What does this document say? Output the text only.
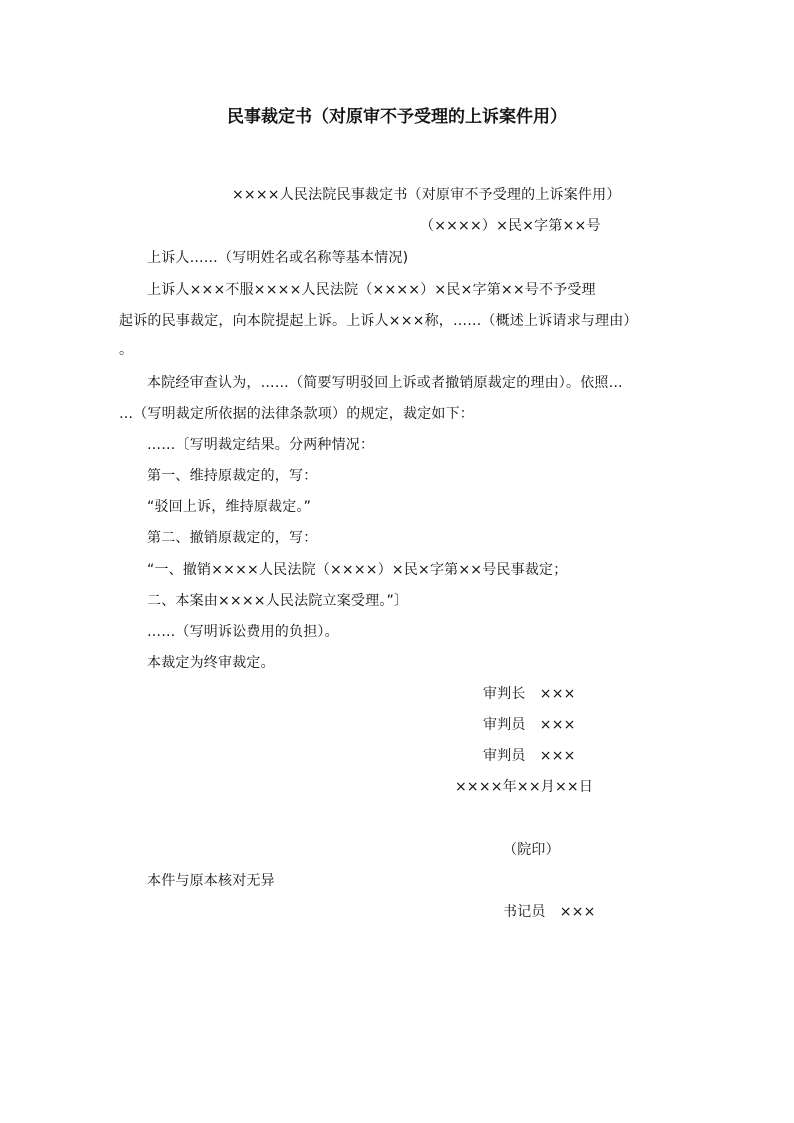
民事裁定书（对原审不予受理的上诉案件用）
××××人民法院民事裁定书（对原审不予受理的上诉案件用）
（××××）×民×字第××号
上诉人……（写明姓名或名称等基本情况)
上诉人×××不服××××人民法院（××××）×民×字第××号不予受理
起诉的民事裁定，向本院提起上诉。上诉人×××称，……（概述上诉请求与理由）
。
本院经审查认为，……（简要写明驳回上诉或者撤销原裁定的理由）。依照…
…（写明裁定所依据的法律条款项）的规定，裁定如下：
……〔写明裁定结果。分两种情况：
第一、维持原裁定的，写：
“驳回上诉，维持原裁定。”
第二、撤销原裁定的，写：
“一、撤销××××人民法院（××××）×民×字第××号民事裁定；
二、本案由××××人民法院立案受理。”〕
……（写明诉讼费用的负担）。
本裁定为终审裁定。
审判长　×××
审判员　×××
审判员　×××
××××年××月××日
（院印）
本件与原本核对无异
书记员　×××
